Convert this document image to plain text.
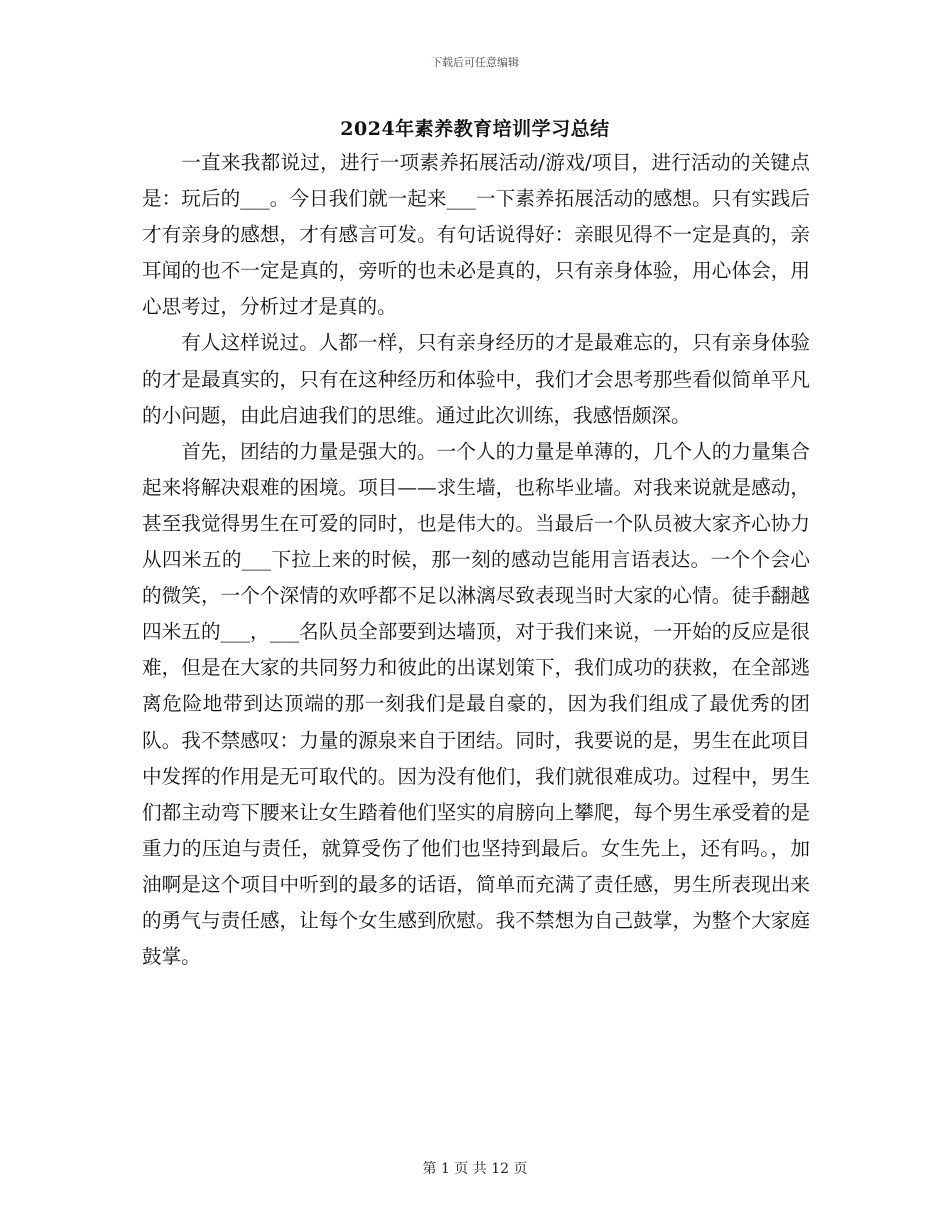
下载后可任意编辑
2024年素养教育培训学习总结

一直来我都说过，进行一项素养拓展活动/游戏/项目，进行活动的关键点是：玩后的___。今日我们就一起来___一下素养拓展活动的感想。只有实践后才有亲身的感想，才有感言可发。有句话说得好：亲眼见得不一定是真的，亲耳闻的也不一定是真的，旁听的也未必是真的，只有亲身体验，用心体会，用心思考过，分析过才是真的。

有人这样说过。人都一样，只有亲身经历的才是最难忘的，只有亲身体验的才是最真实的，只有在这种经历和体验中，我们才会思考那些看似简单平凡的小问题，由此启迪我们的思维。通过此次训练，我感悟颇深。

首先，团结的力量是强大的。一个人的力量是单薄的，几个人的力量集合起来将解决艰难的困境。项目——求生墙，也称毕业墙。对我来说就是感动，甚至我觉得男生在可爱的同时，也是伟大的。当最后一个队员被大家齐心协力从四米五的___下拉上来的时候，那一刻的感动岂能用言语表达。一个个会心的微笑，一个个深情的欢呼都不足以淋漓尽致表现当时大家的心情。徒手翻越四米五的___，___名队员全部要到达墙顶，对于我们来说，一开始的反应是很难，但是在大家的共同努力和彼此的出谋划策下，我们成功的获救，在全部逃离危险地带到达顶端的那一刻我们是最自豪的，因为我们组成了最优秀的团队。我不禁感叹：力量的源泉来自于团结。同时，我要说的是，男生在此项目中发挥的作用是无可取代的。因为没有他们，我们就很难成功。过程中，男生们都主动弯下腰来让女生踏着他们坚实的肩膀向上攀爬，每个男生承受着的是重力的压迫与责任，就算受伤了他们也坚持到最后。女生先上，还有吗。，加油啊是这个项目中听到的最多的话语，简单而充满了责任感，男生所表现出来的勇气与责任感，让每个女生感到欣慰。我不禁想为自己鼓掌，为整个大家庭鼓掌。

第 1 页 共 12 页
